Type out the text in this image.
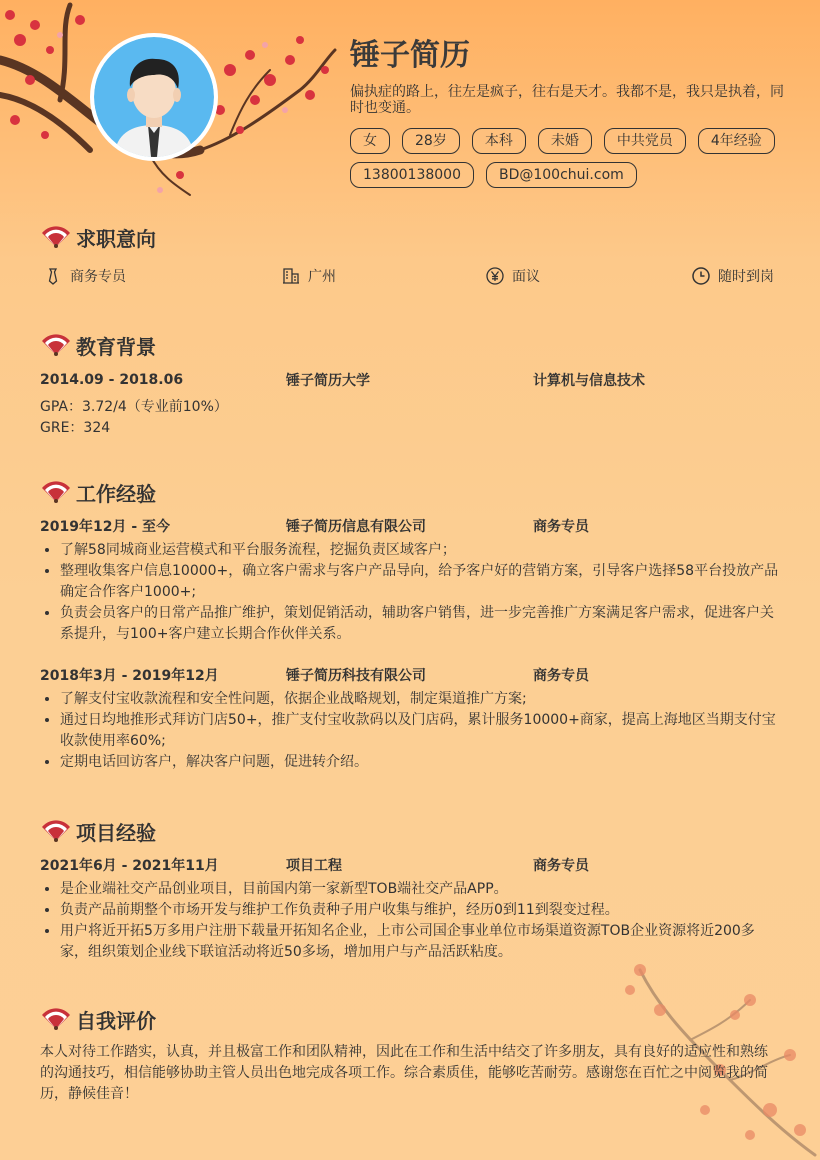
锤子简历
偏执症的路上，往左是疯子，往右是天才。我都不是，我只是执着，同时也变通。
女	28岁	本科	未婚	中共党员	4年经验
13800138000	BD@100chui.com
求职意向
商务专员	广州	面议	随时到岗
教育背景
2014.09 - 2018.06	锤子简历大学	计算机与信息技术
GPA：3.72/4（专业前10%）
GRE：324
工作经验
2019年12月 - 至今	锤子简历信息有限公司	商务专员
• 了解58同城商业运营模式和平台服务流程，挖掘负责区域客户；
• 整理收集客户信息10000+，确立客户需求与客户产品导向，给予客户好的营销方案，引导客户选择58平台投放产品确定合作客户1000+;
• 负责会员客户的日常产品推广维护，策划促销活动，辅助客户销售，进一步完善推广方案满足客户需求，促进客户关系提升，与100+客户建立长期合作伙伴关系。
2018年3月 - 2019年12月	锤子简历科技有限公司	商务专员
• 了解支付宝收款流程和安全性问题，依据企业战略规划，制定渠道推广方案;
• 通过日均地推形式拜访门店50+，推广支付宝收款码以及门店码，累计服务10000+商家，提高上海地区当期支付宝收款使用率60%;
• 定期电话回访客户，解决客户问题，促进转介绍。
项目经验
2021年6月 - 2021年11月	项目工程	商务专员
• 是企业端社交产品创业项目，目前国内第一家新型TOB端社交产品APP。
• 负责产品前期整个市场开发与维护工作负责种子用户收集与维护，经历0到11到裂变过程。
• 用户将近开拓5万多用户注册下载量开拓知名企业，上市公司国企事业单位市场渠道资源TOB企业资源将近200多家，组织策划企业线下联谊活动将近50多场，增加用户与产品活跃粘度。
自我评价
本人对待工作踏实，认真，并且极富工作和团队精神，因此在工作和生活中结交了许多朋友，具有良好的适应性和熟练的沟通技巧，相信能够协助主管人员出色地完成各项工作。综合素质佳，能够吃苦耐劳。感谢您在百忙之中阅览我的简历，静候佳音！
